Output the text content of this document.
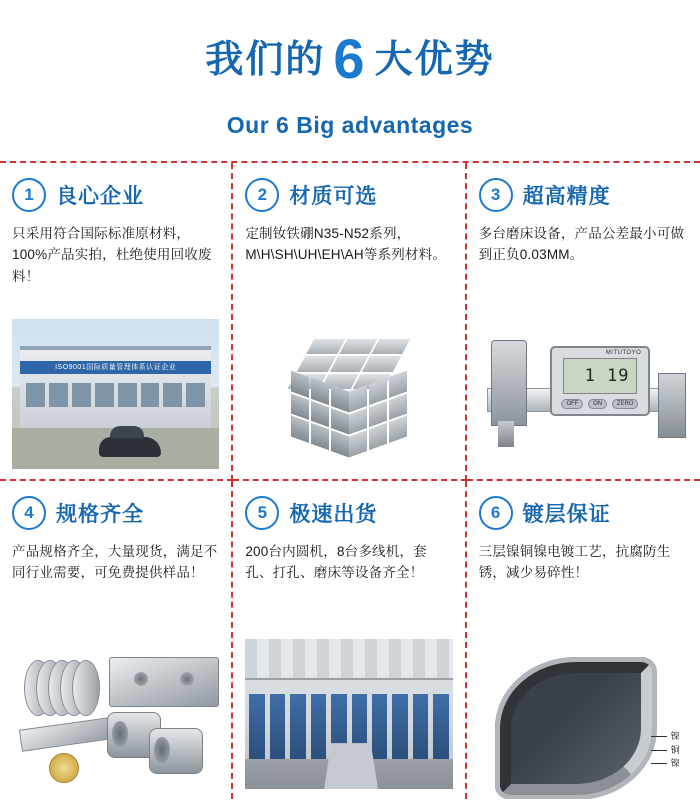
我们的 6 大优势
Our 6 Big advantages
1	良心企业
只采用符合国际标准原材料，100%产品实拍，杜绝使用回收废料！
ISO9001国际质量管理体系认证企业
2	材质可选
定制钕铁硼N35-N52系列，M\H\SH\UH\EH\AH等系列材料。
3	超高精度
多台磨床设备，产品公差最小可做到正负0.03MM。
MITUTOYO
1 19
OFF	ON	ZERO
4	规格齐全
产品规格齐全，大量现货，满足不同行业需要，可免费提供样品！
5	极速出货
200台内圆机，8台多线机，套孔、打孔、磨床等设备齐全！
6	镀层保证
三层镍铜镍电镀工艺，抗腐防生锈，减少易碎性！
镍
铜
镍
